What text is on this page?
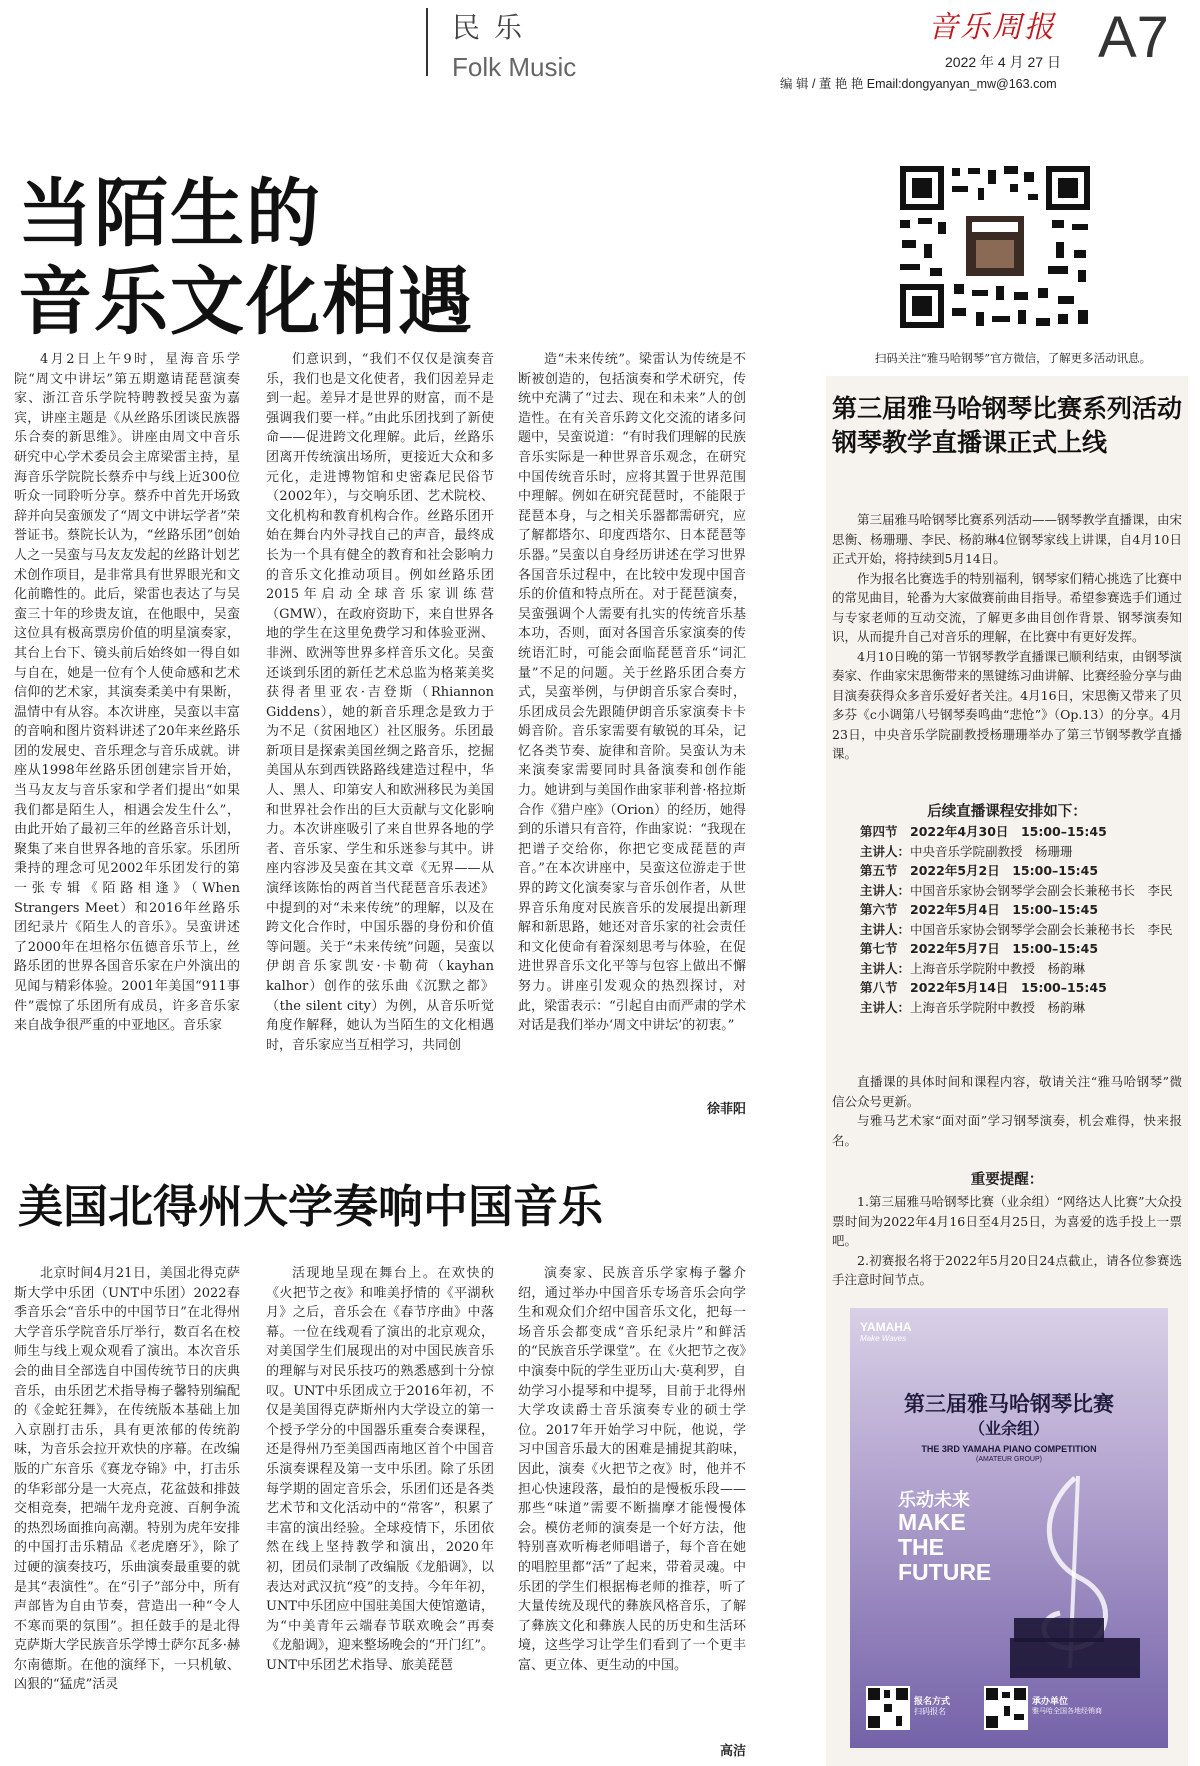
民乐
Folk Music
音乐周报
2022 年 4 月 27 日 A7
编 辑 / 董 艳 艳 Email:dongyanyan_mw@163.com
当陌生的
音乐文化相遇
4月2日上午9时，星海音乐学院“周文中讲坛”第五期邀请琵琶演奏家、浙江音乐学院特聘教授吴蛮为嘉宾，讲座主题是《从丝路乐团谈民族器乐合奏的新思维》。讲座由周文中音乐研究中心学术委员会主席梁雷主持，星海音乐学院院长蔡乔中与线上近300位听众一同聆听分享。蔡乔中首先开场致辞并向吴蛮颁发了“周文中讲坛学者”荣誉证书。蔡院长认为，“丝路乐团”创始人之一吴蛮与马友友发起的丝路计划艺术创作项目，是非常具有世界眼光和文化前瞻性的。此后，梁雷也表达了与吴蛮三十年的珍贵友谊，在他眼中，吴蛮这位具有极高票房价值的明星演奏家，其台上台下、镜头前后始终如一得自如与自在，她是一位有个人使命感和艺术信仰的艺术家，其演奏柔美中有果断，温情中有从容。本次讲座，吴蛮以丰富的音响和图片资料讲述了20年来丝路乐团的发展史、音乐理念与音乐成就。讲座从1998年丝路乐团创建宗旨开始，当马友友与音乐家和学者们提出“如果我们都是陌生人，相遇会发生什么”，由此开始了最初三年的丝路音乐计划，聚集了来自世界各地的音乐家。乐团所秉持的理念可见2002年乐团发行的第一张专辑《陌路相逢》（When Strangers Meet）和2016年丝路乐团纪录片《陌生人的音乐》。吴蛮讲述了2000年在坦格尔伍德音乐节上，丝路乐团的世界各国音乐家在户外演出的见闻与精彩体验。2001年美国“911事件”震惊了乐团所有成员，许多音乐家来自战争很严重的中亚地区。音乐家
们意识到，“我们不仅仅是演奏音乐，我们也是文化使者，我们因差异走到一起。差异才是世界的财富，而不是强调我们要一样。”由此乐团找到了新使命——促进跨文化理解。此后，丝路乐团离开传统演出场所，更接近大众和多元化，走进博物馆和史密森尼民俗节（2002年），与交响乐团、艺术院校、文化机构和教育机构合作。丝路乐团开始在舞台内外寻找自己的声音，最终成长为一个具有健全的教育和社会影响力的音乐文化推动项目。例如丝路乐团2015年启动全球音乐家训练营（GMW），在政府资助下，来自世界各地的学生在这里免费学习和体验亚洲、非洲、欧洲等世界多样音乐文化。吴蛮还谈到乐团的新任艺术总监为格莱美奖获得者里亚农·吉登斯（Rhiannon Giddens），她的新音乐理念是致力于为不足（贫困地区）社区服务。乐团最新项目是探索美国丝绸之路音乐，挖掘美国从东到西铁路路线建造过程中，华人、黑人、印第安人和欧洲移民为美国和世界社会作出的巨大贡献与文化影响力。本次讲座吸引了来自世界各地的学者、音乐家、学生和乐迷参与其中。讲座内容涉及吴蛮在其文章《无界——从演绎该陈怡的两首当代琵琶音乐表述》中提到的对“未来传统”的理解，以及在跨文化合作时，中国乐器的身份和价值等问题。关于“未来传统”问题，吴蛮以伊朗音乐家凯安·卡勒荷（kayhan kalhor）创作的弦乐曲《沉默之都》（the silent city）为例，从音乐听觉角度作解释，她认为当陌生的文化相遇时，音乐家应当互相学习，共同创
造“未来传统”。梁雷认为传统是不断被创造的，包括演奏和学术研究，传统中充满了“过去、现在和未来”人的创造性。在有关音乐跨文化交流的诸多问题中，吴蛮说道：“有时我们理解的民族音乐实际是一种世界音乐观念，在研究中国传统音乐时，应将其置于世界范围中理解。例如在研究琵琶时，不能限于琵琶本身，与之相关乐器都需研究，应了解都塔尔、印度西塔尔、日本琵琶等乐器。”吴蛮以自身经历讲述在学习世界各国音乐过程中，在比较中发现中国音乐的价值和特点所在。对于琵琶演奏，吴蛮强调个人需要有扎实的传统音乐基本功，否则，面对各国音乐家演奏的传统语汇时，可能会面临琵琶音乐“词汇量”不足的问题。关于丝路乐团合奏方式，吴蛮举例，与伊朗音乐家合奏时，乐团成员会先跟随伊朗音乐家演奏卡卡姆音阶。音乐家需要有敏锐的耳朵，记忆各类节奏、旋律和音阶。吴蛮认为未来演奏家需要同时具备演奏和创作能力。她讲到与美国作曲家菲利普·格拉斯合作《猎户座》（Orion）的经历，她得到的乐谱只有音符，作曲家说：“我现在把谱子交给你，你把它变成琵琶的声音。”在本次讲座中，吴蛮这位游走于世界的跨文化演奏家与音乐创作者，从世界音乐角度对民族音乐的发展提出新理解和新思路，她还对音乐家的社会责任和文化使命有着深刻思考与体验，在促进世界音乐文化平等与包容上做出不懈努力。讲座引发观众的热烈探讨，对此，梁雷表示：“引起自由而严肃的学术对话是我们举办‘周文中讲坛’的初衷。”
徐菲阳
美国北得州大学奏响中国音乐
北京时间4月21日，美国北得克萨斯大学中乐团（UNT中乐团）2022春季音乐会“音乐中的中国节日”在北得州大学音乐学院音乐厅举行，数百名在校师生与线上观众观看了演出。本次音乐会的曲目全部选自中国传统节日的庆典音乐，由乐团艺术指导梅子馨特别编配的《金蛇狂舞》，在传统版本基础上加入京剧打击乐，具有更浓郁的传统韵味，为音乐会拉开欢快的序幕。在改编版的广东音乐《赛龙夺锦》中，打击乐的华彩部分是一大亮点，花盆鼓和排鼓交相竞奏，把端午龙舟竞渡、百舸争流的热烈场面推向高潮。特别为虎年安排的中国打击乐精品《老虎磨牙》，除了过硬的演奏技巧，乐曲演奏最重要的就是其“表演性”。在“引子”部分中，所有声部皆为自由节奏，营造出一种“令人不寒而栗的氛围”。担任鼓手的是北得克萨斯大学民族音乐学博士萨尔瓦多·赫尔南德斯。在他的演绎下，一只机敏、凶狠的“猛虎”活灵
活现地呈现在舞台上。在欢快的《火把节之夜》和唯美抒情的《平湖秋月》之后，音乐会在《春节序曲》中落幕。一位在线观看了演出的北京观众，对美国学生们展现出的对中国民族音乐的理解与对民乐技巧的熟悉感到十分惊叹。UNT中乐团成立于2016年初，不仅是美国得克萨斯州内大学设立的第一个授予学分的中国器乐重奏合奏课程，还是得州乃至美国西南地区首个中国音乐演奏课程及第一支中乐团。除了乐团每学期的固定音乐会，乐团们还是各类艺术节和文化活动中的“常客”，积累了丰富的演出经验。全球疫情下，乐团依然在线上坚持教学和演出，2020年初，团员们录制了改编版《龙船调》，以表达对武汉抗“疫”的支持。今年年初，UNT中乐团应中国驻美国大使馆邀请，为“中美青年云端春节联欢晚会”再奏《龙船调》，迎来整场晚会的“开门红”。UNT中乐团艺术指导、旅美琵琶
演奏家、民族音乐学家梅子馨介绍，通过举办中国音乐专场音乐会向学生和观众们介绍中国音乐文化，把每一场音乐会都变成“音乐纪录片”和鲜活的“民族音乐学课堂”。在《火把节之夜》中演奏中阮的学生亚历山大·莫利罗，自幼学习小提琴和中提琴，目前于北得州大学攻读爵士音乐演奏专业的硕士学位。2017年开始学习中阮，他说，学习中国音乐最大的困难是捕捉其韵味，因此，演奏《火把节之夜》时，他并不担心快速段落，最怕的是慢板乐段——那些“味道”需要不断揣摩才能慢慢体会。模仿老师的演奏是一个好方法，他特别喜欢听梅老师唱谱子，每个音在她的唱腔里都“活”了起来，带着灵魂。中乐团的学生们根据梅老师的推荐，听了大量传统及现代的彝族风格音乐，了解了彝族文化和彝族人民的历史和生活环境，这些学习让学生们看到了一个更丰富、更立体、更生动的中国。
高洁
扫码关注“雅马哈钢琴”官方微信，了解更多活动讯息。
第三届雅马哈钢琴比赛系列活动钢琴教学直播课正式上线

第三届雅马哈钢琴比赛系列活动——钢琴教学直播课，由宋思衡、杨珊珊、李民、杨韵琳4位钢琴家线上讲课，自4月10日正式开始，将持续到5月14日。

作为报名比赛选手的特别福利，钢琴家们精心挑选了比赛中的常见曲目，轮番为大家做赛前曲目指导。希望参赛选手们通过与专家老师的互动交流，了解更多曲目创作背景、钢琴演奏知识，从而提升自己对音乐的理解，在比赛中有更好发挥。

4月10日晚的第一节钢琴教学直播课已顺利结束，由钢琴演奏家、作曲家宋思衡带来的黑键练习曲讲解、比赛经验分享与曲目演奏获得众多音乐爱好者关注。4月16日，宋思衡又带来了贝多芬《c小调第八号钢琴奏鸣曲“悲怆”》（Op.13）的分享。4月23日，中央音乐学院副教授杨珊珊举办了第三节钢琴教学直播课。

后续直播课程安排如下：
第四节　 2022年4月30日　 15:00–15:45
主讲人：中央音乐学院副教授　杨珊珊
第五节　 2022年5月2日　 15:00–15:45
主讲人：中国音乐家协会钢琴学会副会长兼秘书长　李民
第六节　 2022年5月4日　 15:00–15:45
主讲人：中国音乐家协会钢琴学会副会长兼秘书长　李民
第七节　 2022年5月7日　 15:00–15:45
主讲人：上海音乐学院附中教授　杨韵琳
第八节　 2022年5月14日　 15:00–15:45
主讲人：上海音乐学院附中教授　杨韵琳

直播课的具体时间和课程内容，敬请关注“雅马哈钢琴”微信公众号更新。

与雅马艺术家“面对面”学习钢琴演奏，机会难得，快来报名。

重要提醒：

1.第三届雅马哈钢琴比赛（业余组）“网络达人比赛”大众投票时间为2022年4月16日至4月25日，为喜爱的选手投上一票吧。

2.初赛报名将于2022年5月20日24点截止，请各位参赛选手注意时间节点。

YAMAHA
Make Waves
第三届雅马哈钢琴比赛
（业余组）
THE 3RD YAMAHA PIANO COMPETITION
(AMATEUR GROUP)
乐动未来
MAKE
THE
FUTURE
报名方式
扫码报名
承办单位
雅马哈全国各地经销商
